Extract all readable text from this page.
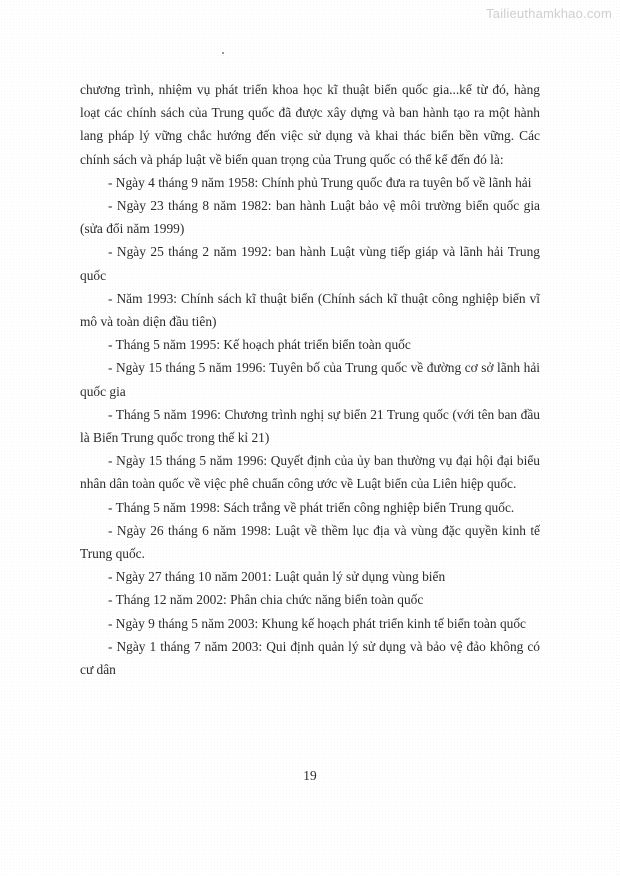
Tailieuthamkhao.com

chương trình, nhiệm vụ phát triển khoa học kĩ thuật biển quốc gia...kể từ đó, hàng loạt các chính sách của Trung quốc đã được xây dựng và ban hành tạo ra một hành lang pháp lý vững chắc hướng đến việc sử dụng và khai thác biển bền vững. Các chính sách và pháp luật về biển quan trọng của Trung quốc có thể kể đến đó là:

- Ngày 4 tháng 9 năm 1958: Chính phủ Trung quốc đưa ra tuyên bố về lãnh hải

- Ngày 23 tháng 8 năm 1982: ban hành Luật bảo vệ môi trường biển quốc gia (sửa đổi năm 1999)

- Ngày 25 tháng 2 năm 1992: ban hành Luật vùng tiếp giáp và lãnh hải Trung quốc

- Năm 1993: Chính sách kĩ thuật biển (Chính sách kĩ thuật công nghiệp biển vĩ mô và toàn diện đầu tiên)

- Tháng 5 năm 1995: Kế hoạch phát triển biển toàn quốc

- Ngày 15 tháng 5 năm 1996: Tuyên bố của Trung quốc về đường cơ sở lãnh hải quốc gia

- Tháng 5 năm 1996: Chương trình nghị sự biển 21 Trung quốc (với tên ban đầu là Biển Trung quốc trong thế kỉ 21)

- Ngày 15 tháng 5 năm 1996: Quyết định của ủy ban thường vụ đại hội đại biểu nhân dân toàn quốc về việc phê chuẩn công ước về Luật biển của Liên hiệp quốc.

- Tháng 5 năm 1998: Sách trắng về phát triển công nghiệp biển Trung quốc.

- Ngày 26 tháng 6 năm 1998: Luật về thềm lục địa và vùng đặc quyền kinh tế Trung quốc.

- Ngày 27 tháng 10 năm 2001: Luật quản lý sử dụng vùng biển

- Tháng 12 năm 2002: Phân chia chức năng biển toàn quốc

- Ngày 9 tháng 5 năm 2003: Khung kế hoạch phát triển kinh tế biển toàn quốc

- Ngày 1 tháng 7 năm 2003: Qui định quản lý sử dụng và bảo vệ đảo không có cư dân

19
